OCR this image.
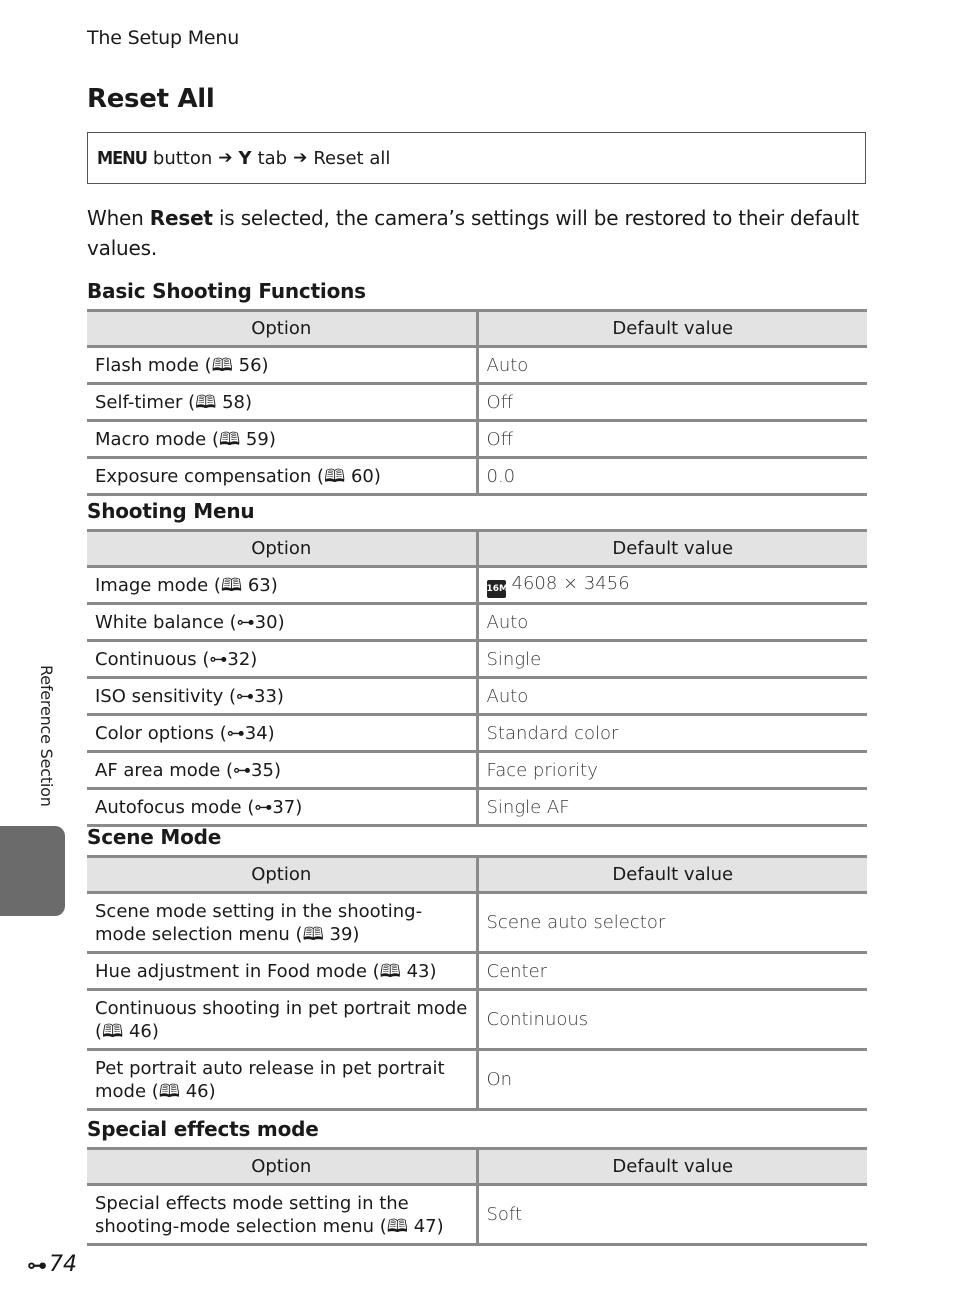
The Setup Menu
Reset All
MENU button ➔ Y tab ➔ Reset all
When Reset is selected, the camera’s settings will be restored to their default values.
Basic Shooting Functions
Option	Default value
Flash mode (🕮 56)	Auto
Self-timer (🕮 58)	Off
Macro mode (🕮 59)	Off
Exposure compensation (🕮 60)	0.0
Shooting Menu
Option	Default value
Image mode (🕮 63)	16M 4608 × 3456
White balance (⊶30)	Auto
Continuous (⊶32)	Single
ISO sensitivity (⊶33)	Auto
Color options (⊶34)	Standard color
AF area mode (⊶35)	Face priority
Autofocus mode (⊶37)	Single AF
Scene Mode
Option	Default value
Scene mode setting in the shooting-mode selection menu (🕮 39)	Scene auto selector
Hue adjustment in Food mode (🕮 43)	Center
Continuous shooting in pet portrait mode (🕮 46)	Continuous
Pet portrait auto release in pet portrait mode (🕮 46)	On
Special effects mode
Option	Default value
Special effects mode setting in the shooting-mode selection menu (🕮 47)	Soft
Reference Section
⊶ 74
